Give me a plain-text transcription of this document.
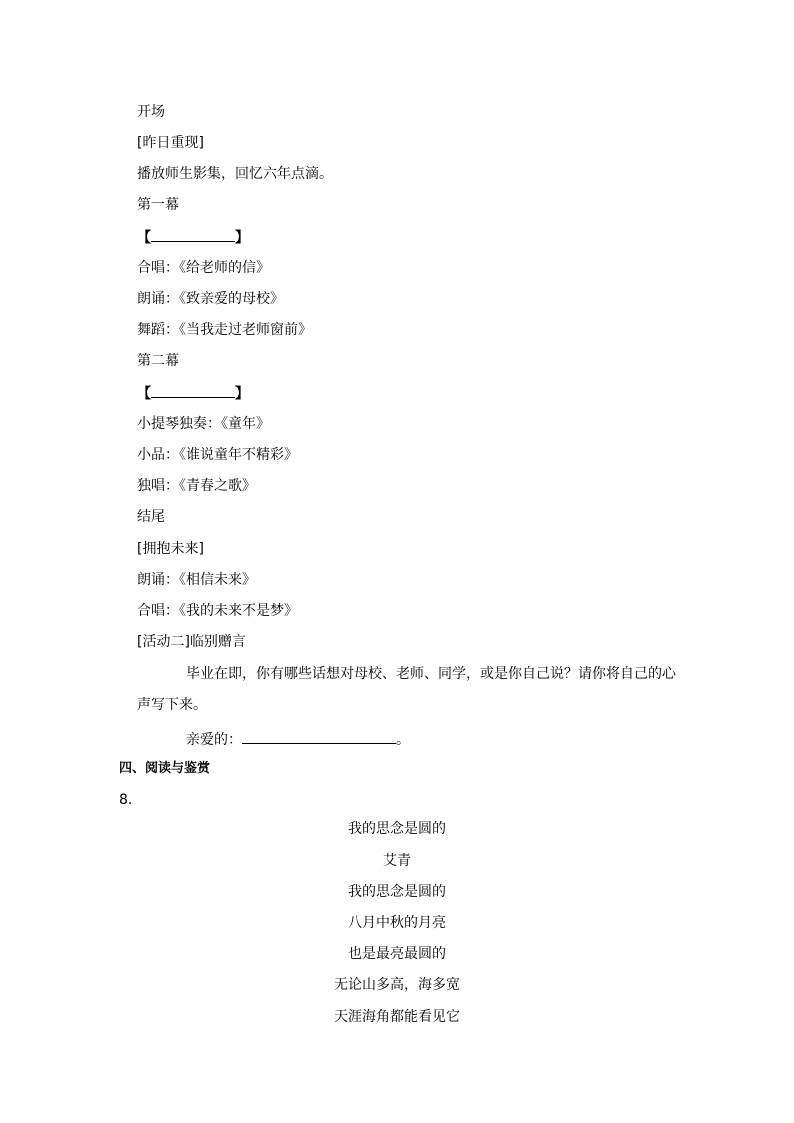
开场
[昨日重现]
播放师生影集，回忆六年点滴。
第一幕
【	】
合唱：《给老师的信》
朗诵：《致亲爱的母校》
舞蹈：《当我走过老师窗前》
第二幕
【	】
小提琴独奏：《童年》
小品：《谁说童年不精彩》
独唱：《青春之歌》
结尾
[拥抱未来]
朗诵：《相信未来》
合唱：《我的未来不是梦》
[活动二]临别赠言
毕业在即，你有哪些话想对母校、老师、同学，或是你自己说？请你将自己的心
声写下来。
亲爱的：	。
四、阅读与鉴赏
8．
我的思念是圆的
艾青
我的思念是圆的
八月中秋的月亮
也是最亮最圆的
无论山多高，海多宽
天涯海角都能看见它
